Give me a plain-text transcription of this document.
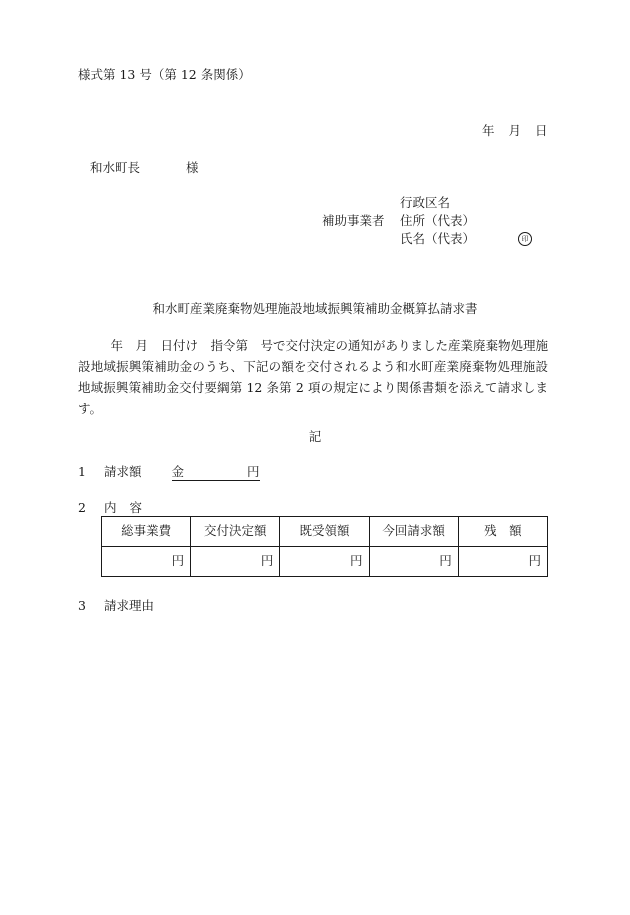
様式第 13 号（第 12 条関係）
年 月 日
和水町長	様
補助事業者
行政区名
住所（代表）
氏名（代表）	印
和水町産業廃棄物処理施設地域振興策補助金概算払請求書

年　月　日付け　指令第　号で交付決定の通知がありました産業廃棄物処理施設地域振興策補助金のうち、下記の額を交付されるよう和水町産業廃棄物処理施設地域振興策補助金交付要綱第 12 条第 2 項の規定により関係書類を添えて請求します。

記
1 請求額 金	円
2 内容
総事業費	交付決定額	既受領額	今回請求額	残　額
円	円	円	円	円
3 請求理由
